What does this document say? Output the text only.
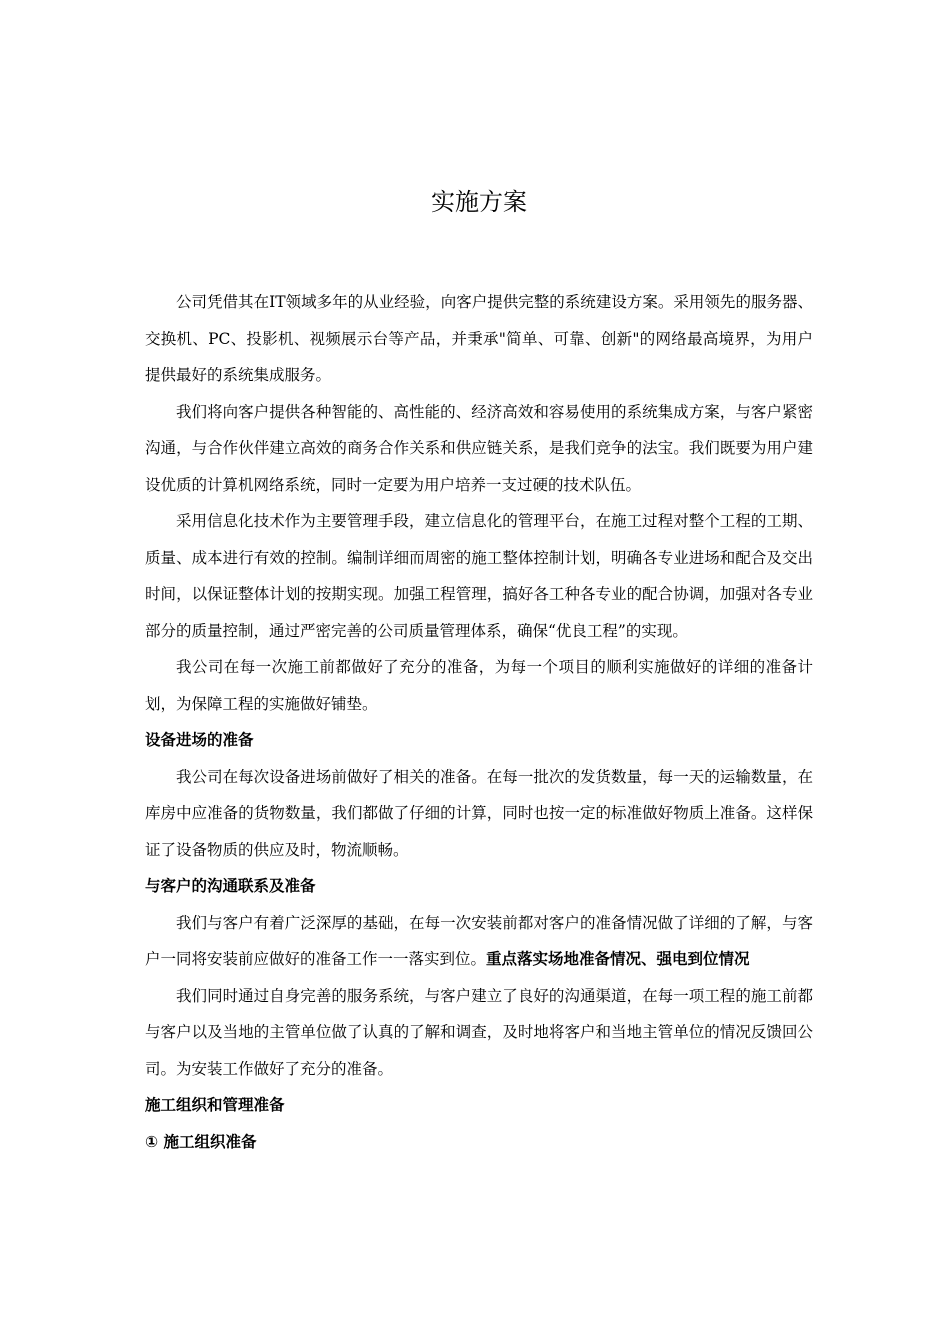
实施方案

公司凭借其在IT领域多年的从业经验，向客户提供完整的系统建设方案。采用领先的服务器、交换机、PC、投影机、视频展示台等产品，并秉承"简单、可靠、创新"的网络最高境界，为用户提供最好的系统集成服务。

我们将向客户提供各种智能的、高性能的、经济高效和容易使用的系统集成方案，与客户紧密沟通，与合作伙伴建立高效的商务合作关系和供应链关系，是我们竞争的法宝。我们既要为用户建设优质的计算机网络系统，同时一定要为用户培养一支过硬的技术队伍。

采用信息化技术作为主要管理手段，建立信息化的管理平台，在施工过程对整个工程的工期、质量、成本进行有效的控制。编制详细而周密的施工整体控制计划，明确各专业进场和配合及交出时间，以保证整体计划的按期实现。加强工程管理，搞好各工种各专业的配合协调，加强对各专业部分的质量控制，通过严密完善的公司质量管理体系，确保“优良工程”的实现。

我公司在每一次施工前都做好了充分的准备，为每一个项目的顺利实施做好的详细的准备计划，为保障工程的实施做好铺垫。

设备进场的准备

我公司在每次设备进场前做好了相关的准备。在每一批次的发货数量，每一天的运输数量，在库房中应准备的货物数量，我们都做了仔细的计算，同时也按一定的标准做好物质上准备。这样保证了设备物质的供应及时，物流顺畅。

与客户的沟通联系及准备

我们与客户有着广泛深厚的基础，在每一次安装前都对客户的准备情况做了详细的了解，与客户一同将安装前应做好的准备工作一一落实到位。重点落实场地准备情况、强电到位情况

我们同时通过自身完善的服务系统，与客户建立了良好的沟通渠道，在每一项工程的施工前都与客户以及当地的主管单位做了认真的了解和调查，及时地将客户和当地主管单位的情况反馈回公司。为安装工作做好了充分的准备。

施工组织和管理准备

① 施工组织准备
